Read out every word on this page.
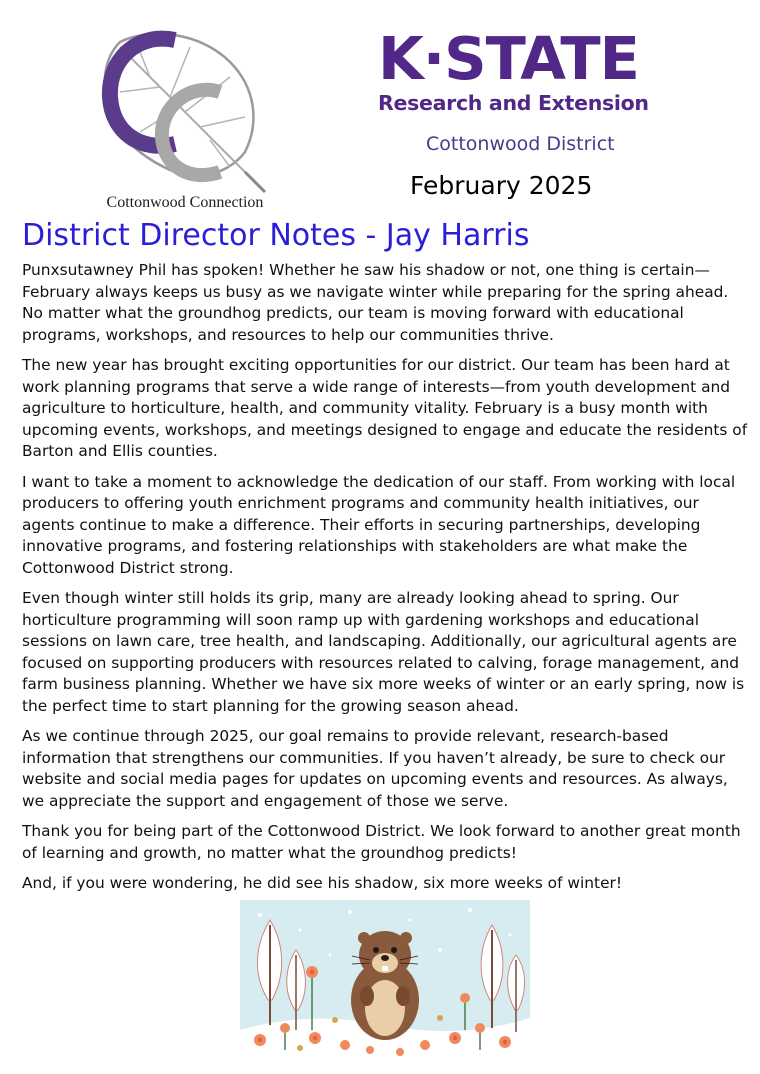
Cottonwood Connection
K·STATE
Research and Extension
Cottonwood District
February 2025
District Director Notes - Jay Harris

Punxsutawney Phil has spoken! Whether he saw his shadow or not, one thing is certain—February always keeps us busy as we navigate winter while preparing for the spring ahead. No matter what the groundhog predicts, our team is moving forward with educational programs, workshops, and resources to help our communities thrive.

The new year has brought exciting opportunities for our district. Our team has been hard at work planning programs that serve a wide range of interests—from youth development and agriculture to horticulture, health, and community vitality. February is a busy month with upcoming events, workshops, and meetings designed to engage and educate the residents of Barton and Ellis counties.

I want to take a moment to acknowledge the dedication of our staff. From working with local producers to offering youth enrichment programs and community health initiatives, our agents continue to make a difference. Their efforts in securing partnerships, developing innovative programs, and fostering relationships with stakeholders are what make the Cottonwood District strong.

Even though winter still holds its grip, many are already looking ahead to spring. Our horticulture programming will soon ramp up with gardening workshops and educational sessions on lawn care, tree health, and landscaping. Additionally, our agricultural agents are focused on supporting producers with resources related to calving, forage management, and farm business planning. Whether we have six more weeks of winter or an early spring, now is the perfect time to start planning for the growing season ahead.

As we continue through 2025, our goal remains to provide relevant, research-based information that strengthens our communities. If you haven’t already, be sure to check our website and social media pages for updates on upcoming events and resources. As always, we appreciate the support and engagement of those we serve.

Thank you for being part of the Cottonwood District. We look forward to another great month of learning and growth, no matter what the groundhog predicts!

And, if you were wondering, he did see his shadow, six more weeks of winter!
